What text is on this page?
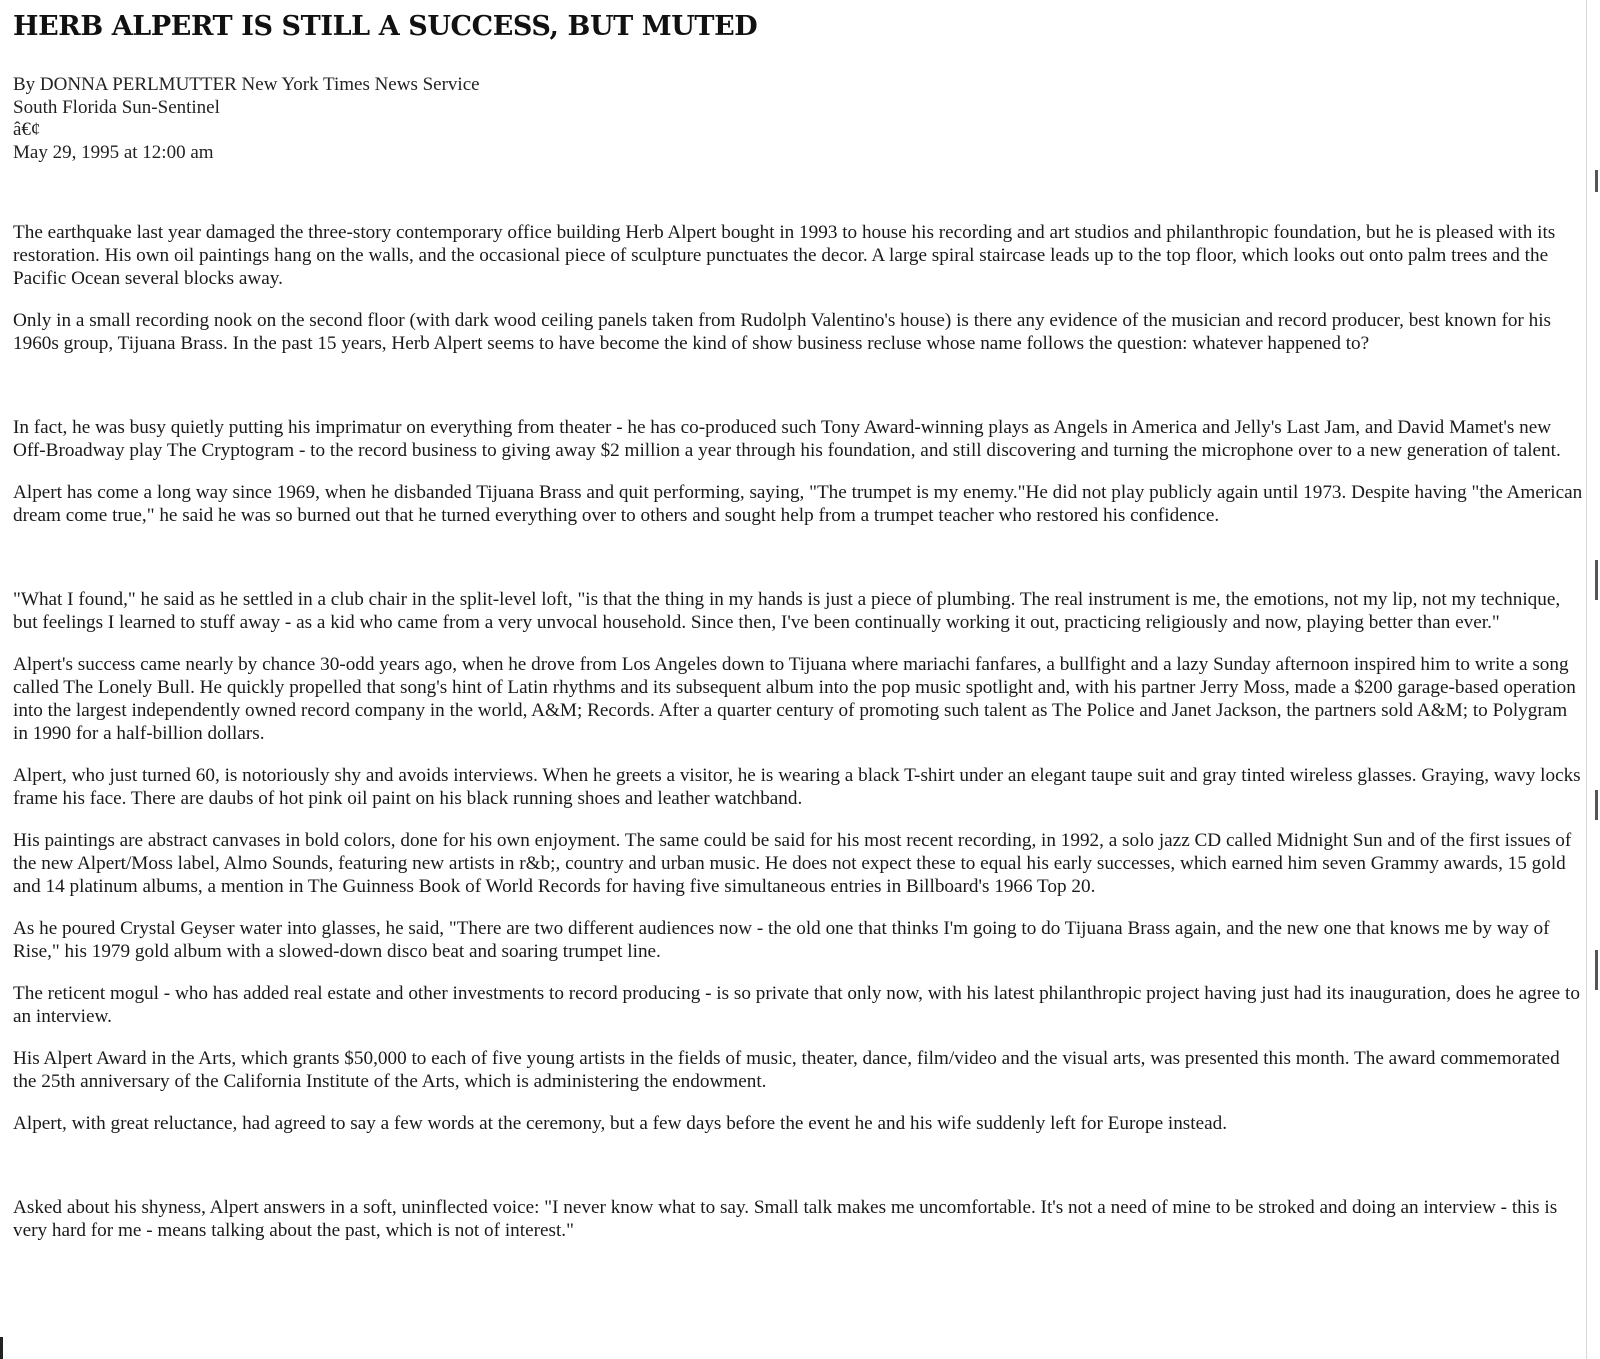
HERB ALPERT IS STILL A SUCCESS, BUT MUTED
By DONNA PERLMUTTER New York Times News Service
South Florida Sun-Sentinel
â€¢
May 29, 1995 at 12:00 am

The earthquake last year damaged the three-story contemporary office building Herb Alpert bought in 1993 to house his recording and art studios and philanthropic foundation, but he is pleased with its restoration. His own oil paintings hang on the walls, and the occasional piece of sculpture punctuates the decor. A large spiral staircase leads up to the top floor, which looks out onto palm trees and the Pacific Ocean several blocks away.

Only in a small recording nook on the second floor (with dark wood ceiling panels taken from Rudolph Valentino's house) is there any evidence of the musician and record producer, best known for his 1960s group, Tijuana Brass. In the past 15 years, Herb Alpert seems to have become the kind of show business recluse whose name follows the question: whatever happened to?

In fact, he was busy quietly putting his imprimatur on everything from theater - he has co-produced such Tony Award-winning plays as Angels in America and Jelly's Last Jam, and David Mamet's new Off-Broadway play The Cryptogram - to the record business to giving away $2 million a year through his foundation, and still discovering and turning the microphone over to a new generation of talent.

Alpert has come a long way since 1969, when he disbanded Tijuana Brass and quit performing, saying, "The trumpet is my enemy."He did not play publicly again until 1973. Despite having "the American dream come true," he said he was so burned out that he turned everything over to others and sought help from a trumpet teacher who restored his confidence.

"What I found," he said as he settled in a club chair in the split-level loft, "is that the thing in my hands is just a piece of plumbing. The real instrument is me, the emotions, not my lip, not my technique, but feelings I learned to stuff away - as a kid who came from a very unvocal household. Since then, I've been continually working it out, practicing religiously and now, playing better than ever."

Alpert's success came nearly by chance 30-odd years ago, when he drove from Los Angeles down to Tijuana where mariachi fanfares, a bullfight and a lazy Sunday afternoon inspired him to write a song called The Lonely Bull. He quickly propelled that song's hint of Latin rhythms and its subsequent album into the pop music spotlight and, with his partner Jerry Moss, made a $200 garage-based operation into the largest independently owned record company in the world, A&M; Records. After a quarter century of promoting such talent as The Police and Janet Jackson, the partners sold A&M; to Polygram in 1990 for a half-billion dollars.

Alpert, who just turned 60, is notoriously shy and avoids interviews. When he greets a visitor, he is wearing a black T-shirt under an elegant taupe suit and gray tinted wireless glasses. Graying, wavy locks frame his face. There are daubs of hot pink oil paint on his black running shoes and leather watchband.

His paintings are abstract canvases in bold colors, done for his own enjoyment. The same could be said for his most recent recording, in 1992, a solo jazz CD called Midnight Sun and of the first issues of the new Alpert/Moss label, Almo Sounds, featuring new artists in r&b;, country and urban music. He does not expect these to equal his early successes, which earned him seven Grammy awards, 15 gold and 14 platinum albums, a mention in The Guinness Book of World Records for having five simultaneous entries in Billboard's 1966 Top 20.

As he poured Crystal Geyser water into glasses, he said, "There are two different audiences now - the old one that thinks I'm going to do Tijuana Brass again, and the new one that knows me by way of Rise," his 1979 gold album with a slowed-down disco beat and soaring trumpet line.

The reticent mogul - who has added real estate and other investments to record producing - is so private that only now, with his latest philanthropic project having just had its inauguration, does he agree to an interview.

His Alpert Award in the Arts, which grants $50,000 to each of five young artists in the fields of music, theater, dance, film/video and the visual arts, was presented this month. The award commemorated the 25th anniversary of the California Institute of the Arts, which is administering the endowment.

Alpert, with great reluctance, had agreed to say a few words at the ceremony, but a few days before the event he and his wife suddenly left for Europe instead.

Asked about his shyness, Alpert answers in a soft, uninflected voice: "I never know what to say. Small talk makes me uncomfortable. It's not a need of mine to be stroked and doing an interview - this is very hard for me - means talking about the past, which is not of interest."
